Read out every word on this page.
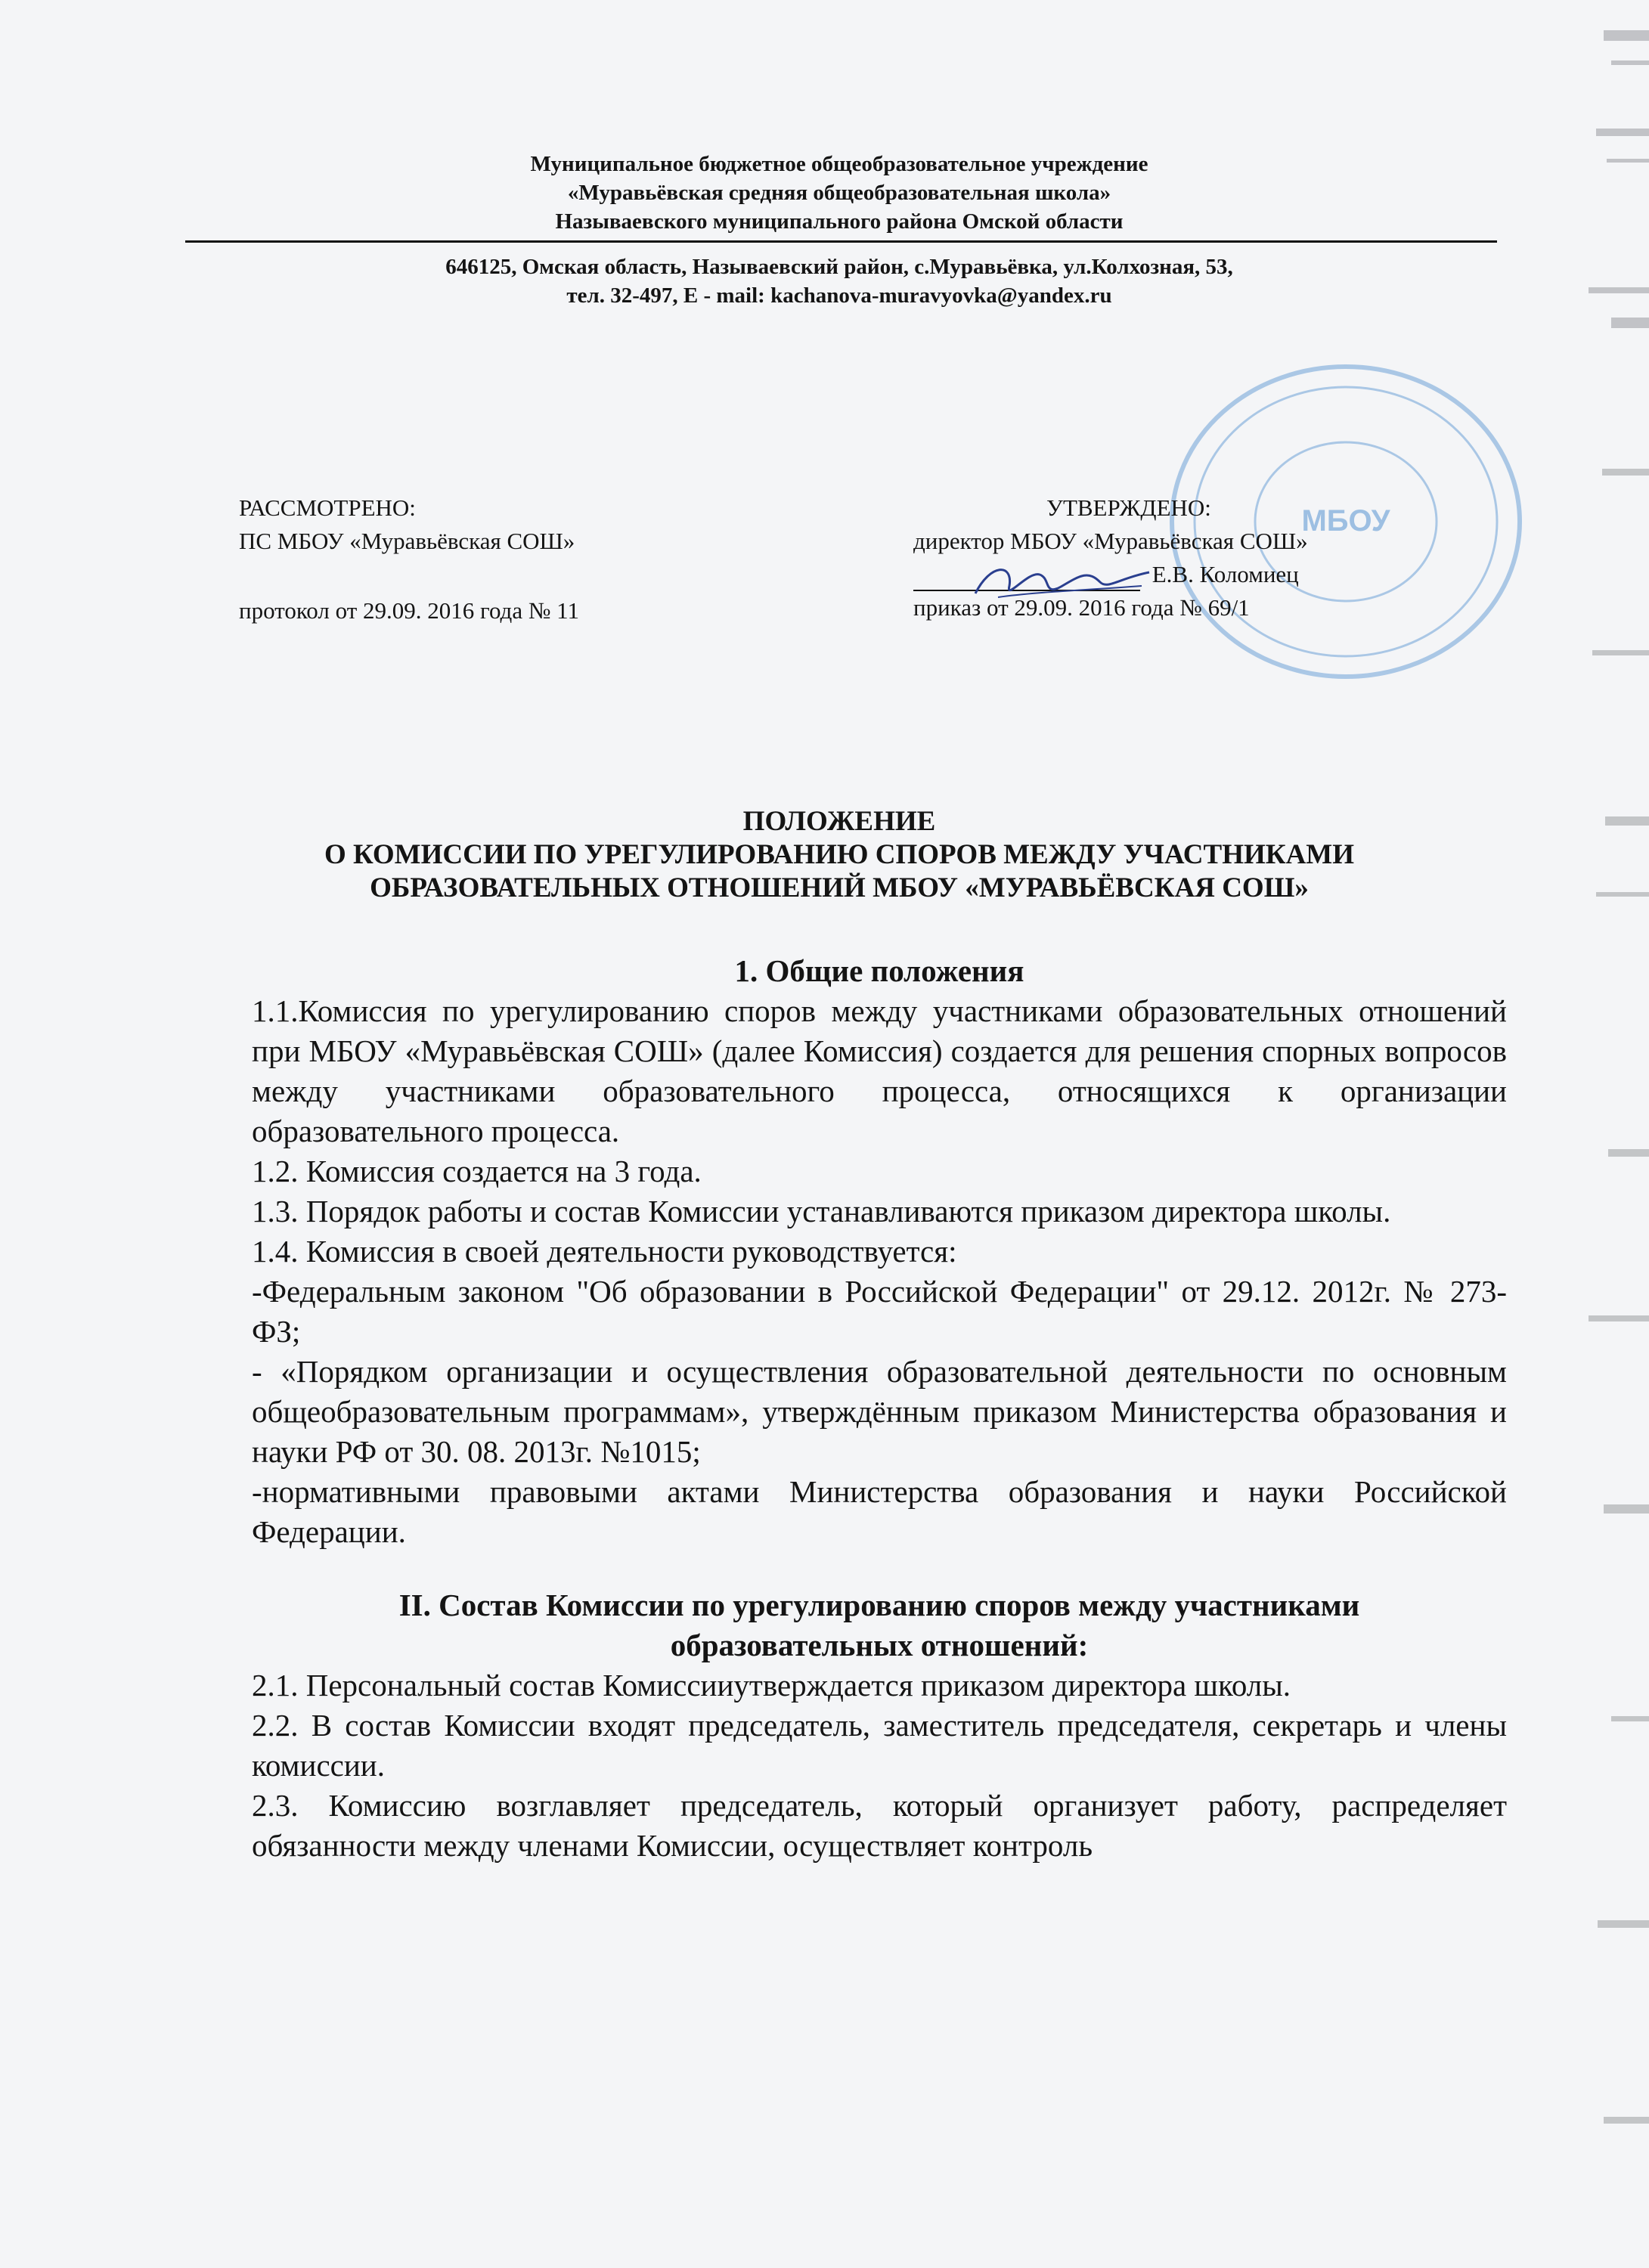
Муниципальное бюджетное общеобразовательное учреждение
«Муравьёвская средняя общеобразовательная школа»
Называевского муниципального района Омской области
646125, Омская область, Называевский район, с.Муравьёвка, ул.Колхозная, 53,
тел. 32-497, E - mail: kachanova-muravyovka@yandex.ru
МБОУ
РАССМОТРЕНО:
ПС МБОУ «Муравьёвская СОШ»
протокол от 29.09. 2016 года № 11
УТВЕРЖДЕНО:
директор МБОУ «Муравьёвская СОШ»
Е.В. Коломиец
приказ от 29.09. 2016 года № 69/1
ПОЛОЖЕНИЕ
О КОМИССИИ ПО УРЕГУЛИРОВАНИЮ СПОРОВ МЕЖДУ УЧАСТНИКАМИ
ОБРАЗОВАТЕЛЬНЫХ ОТНОШЕНИЙ МБОУ «МУРАВЬЁВСКАЯ СОШ»
1. Общие положения

1.1.Комиссия по урегулированию споров между участниками образовательных отношений при МБОУ «Муравьёвская СОШ» (далее Комиссия) создается для решения спорных вопросов между участниками образовательного процесса, относящихся к организации образовательного процесса.

1.2. Комиссия создается на 3 года.

1.3. Порядок работы и состав Комиссии устанавливаются приказом директора школы.

1.4. Комиссия в своей деятельности руководствуется:

-Федеральным законом "Об образовании в Российской Федерации" от 29.12. 2012г. № 273- ФЗ;

- «Порядком организации и осуществления образовательной деятельности по основным общеобразовательным программам», утверждённым приказом Министерства образования и науки РФ от 30. 08. 2013г. №1015;

-нормативными правовыми актами Министерства образования и науки Российской Федерации.

II. Состав Комиссии по урегулированию споров между участниками образовательных отношений:

2.1. Персональный состав Комиссииутверждается приказом директора школы.

2.2. В состав Комиссии входят председатель, заместитель председателя, секретарь и члены комиссии.

2.3. Комиссию возглавляет председатель, который организует работу, распределяет обязанности между членами Комиссии, осуществляет контроль
